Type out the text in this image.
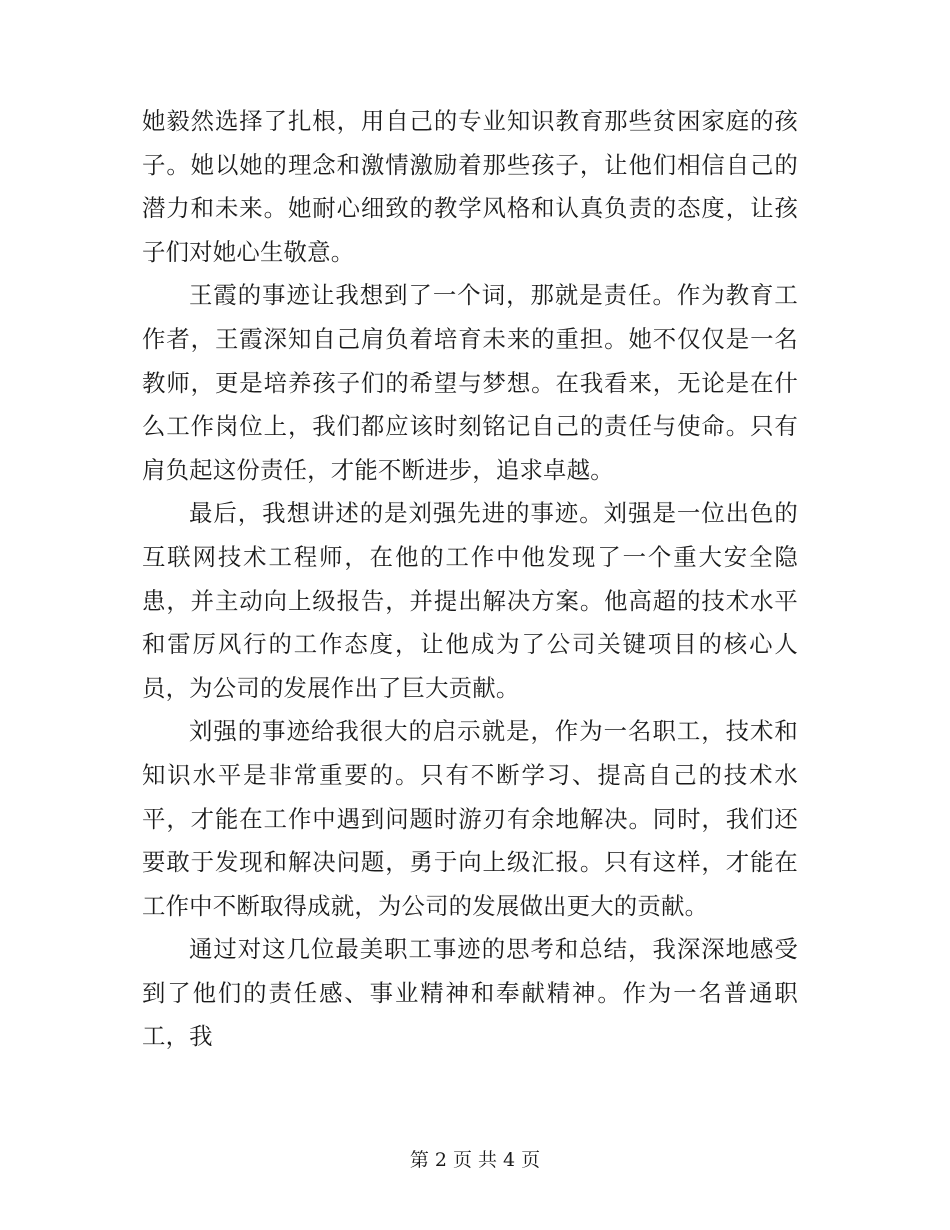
她毅然选择了扎根，用自己的专业知识教育那些贫困家庭的孩子。她以她的理念和激情激励着那些孩子，让他们相信自己的潜力和未来。她耐心细致的教学风格和认真负责的态度，让孩子们对她心生敬意。

王霞的事迹让我想到了一个词，那就是责任。作为教育工作者，王霞深知自己肩负着培育未来的重担。她不仅仅是一名教师，更是培养孩子们的希望与梦想。在我看来，无论是在什么工作岗位上，我们都应该时刻铭记自己的责任与使命。只有肩负起这份责任，才能不断进步，追求卓越。

最后，我想讲述的是刘强先进的事迹。刘强是一位出色的互联网技术工程师，在他的工作中他发现了一个重大安全隐患，并主动向上级报告，并提出解决方案。他高超的技术水平和雷厉风行的工作态度，让他成为了公司关键项目的核心人员，为公司的发展作出了巨大贡献。

刘强的事迹给我很大的启示就是，作为一名职工，技术和知识水平是非常重要的。只有不断学习、提高自己的技术水平，才能在工作中遇到问题时游刃有余地解决。同时，我们还要敢于发现和解决问题，勇于向上级汇报。只有这样，才能在工作中不断取得成就，为公司的发展做出更大的贡献。

通过对这几位最美职工事迹的思考和总结，我深深地感受到了他们的责任感、事业精神和奉献精神。作为一名普通职工，我

第 2 页 共 4 页
